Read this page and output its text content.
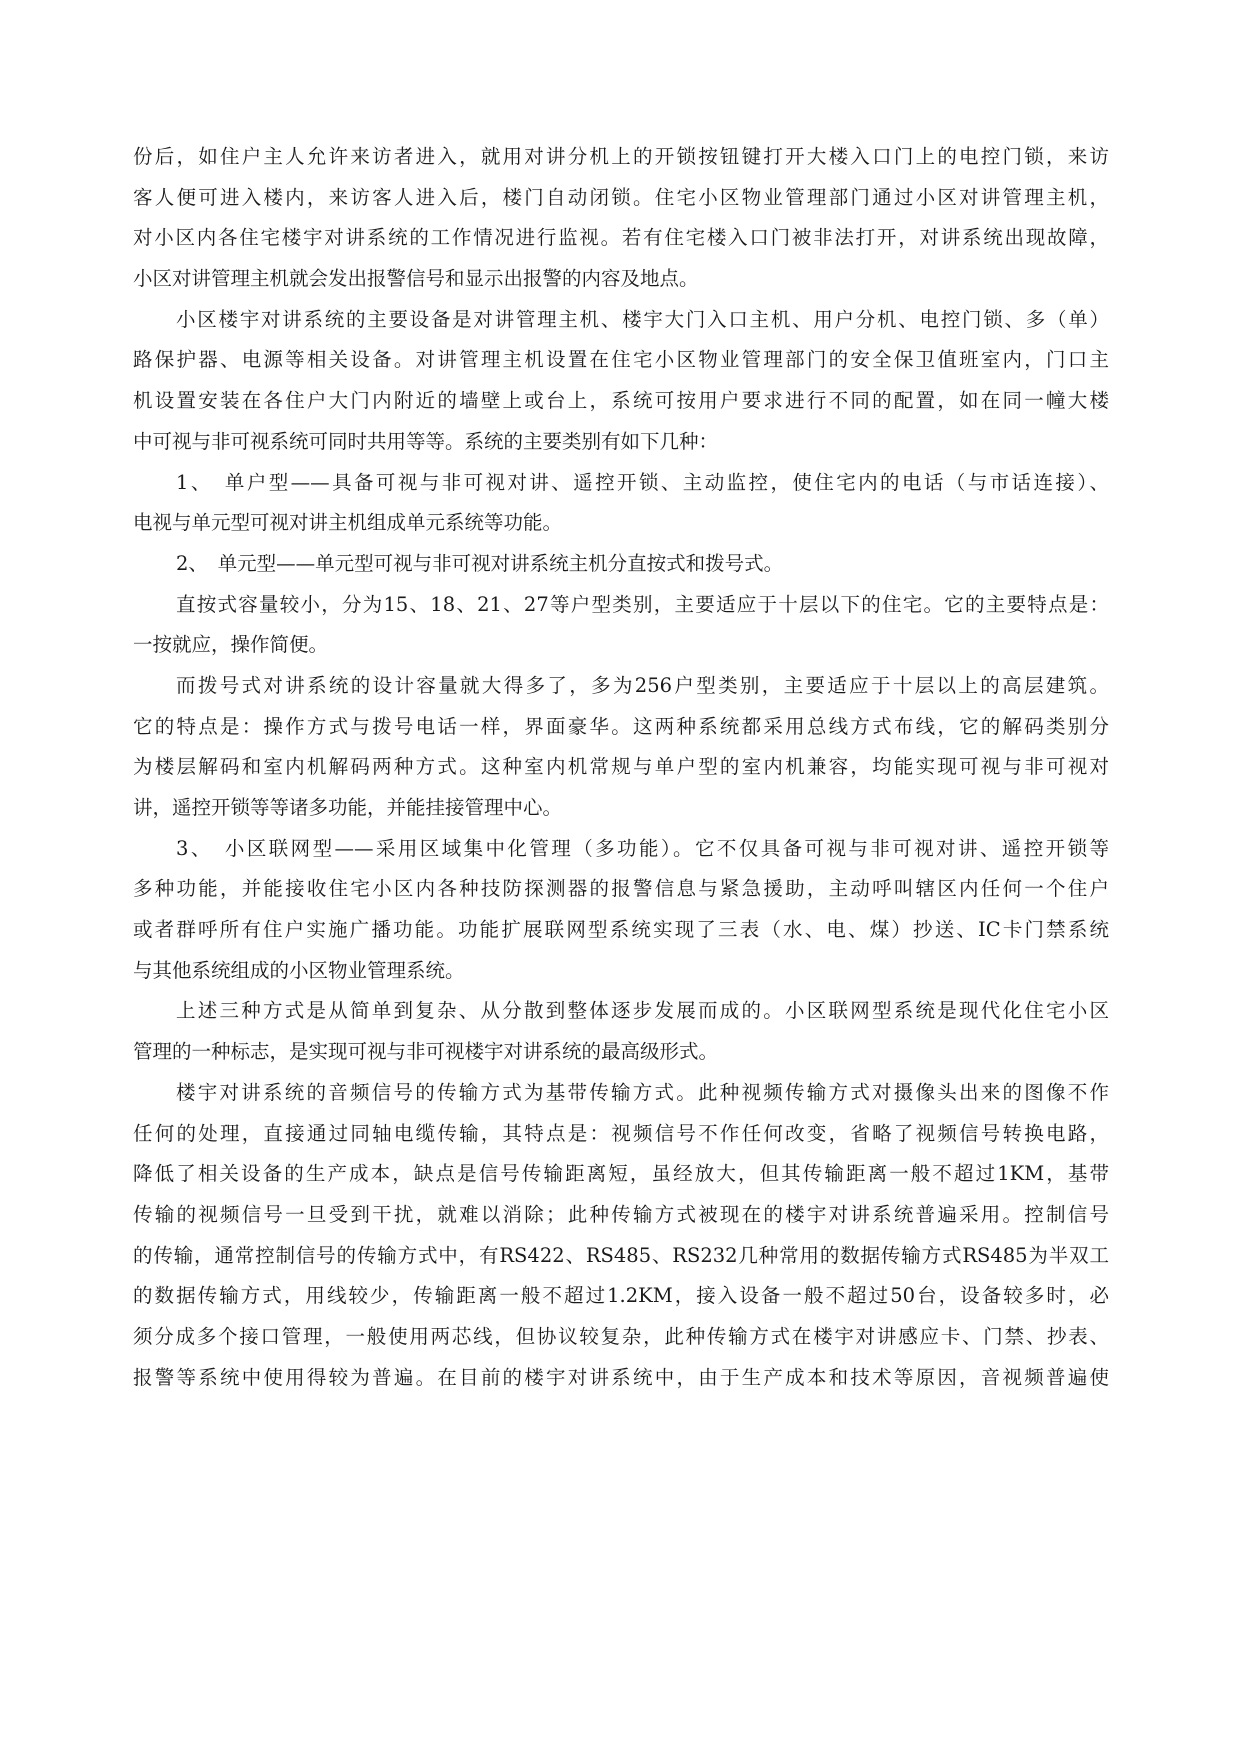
份后，如住户主人允许来访者进入，就用对讲分机上的开锁按钮键打开大楼入口门上的电控门锁，来访
客人便可进入楼内，来访客人进入后，楼门自动闭锁。住宅小区物业管理部门通过小区对讲管理主机，
对小区内各住宅楼宇对讲系统的工作情况进行监视。若有住宅楼入口门被非法打开，对讲系统出现故障，
小区对讲管理主机就会发出报警信号和显示出报警的内容及地点。
小区楼宇对讲系统的主要设备是对讲管理主机、楼宇大门入口主机、用户分机、电控门锁、多（单）
路保护器、电源等相关设备。对讲管理主机设置在住宅小区物业管理部门的安全保卫值班室内，门口主
机设置安装在各住户大门内附近的墙壁上或台上，系统可按用户要求进行不同的配置，如在同一幢大楼
中可视与非可视系统可同时共用等等。系统的主要类别有如下几种：
1、　单户型——具备可视与非可视对讲、遥控开锁、主动监控，使住宅内的电话（与市话连接）、
电视与单元型可视对讲主机组成单元系统等功能。
2、　单元型——单元型可视与非可视对讲系统主机分直按式和拨号式。
直按式容量较小，分为15、18、21、27等户型类别，主要适应于十层以下的住宅。它的主要特点是：
一按就应，操作简便。
而拨号式对讲系统的设计容量就大得多了，多为256户型类别，主要适应于十层以上的高层建筑。
它的特点是：操作方式与拨号电话一样，界面豪华。这两种系统都采用总线方式布线，它的解码类别分
为楼层解码和室内机解码两种方式。这种室内机常规与单户型的室内机兼容，均能实现可视与非可视对
讲，遥控开锁等等诸多功能，并能挂接管理中心。
3、　小区联网型——采用区域集中化管理（多功能）。它不仅具备可视与非可视对讲、遥控开锁等
多种功能，并能接收住宅小区内各种技防探测器的报警信息与紧急援助，主动呼叫辖区内任何一个住户
或者群呼所有住户实施广播功能。功能扩展联网型系统实现了三表（水、电、煤）抄送、IC卡门禁系统
与其他系统组成的小区物业管理系统。
上述三种方式是从简单到复杂、从分散到整体逐步发展而成的。小区联网型系统是现代化住宅小区
管理的一种标志，是实现可视与非可视楼宇对讲系统的最高级形式。
楼宇对讲系统的音频信号的传输方式为基带传输方式。此种视频传输方式对摄像头出来的图像不作
任何的处理，直接通过同轴电缆传输，其特点是：视频信号不作任何改变，省略了视频信号转换电路，
降低了相关设备的生产成本，缺点是信号传输距离短，虽经放大，但其传输距离一般不超过1KM，基带
传输的视频信号一旦受到干扰，就难以消除；此种传输方式被现在的楼宇对讲系统普遍采用。控制信号
的传输，通常控制信号的传输方式中，有RS422、RS485、RS232几种常用的数据传输方式RS485为半双工
的数据传输方式，用线较少，传输距离一般不超过1.2KM，接入设备一般不超过50台，设备较多时，必
须分成多个接口管理，一般使用两芯线，但协议较复杂，此种传输方式在楼宇对讲感应卡、门禁、抄表、
报警等系统中使用得较为普遍。在目前的楼宇对讲系统中，由于生产成本和技术等原因，音视频普遍使
